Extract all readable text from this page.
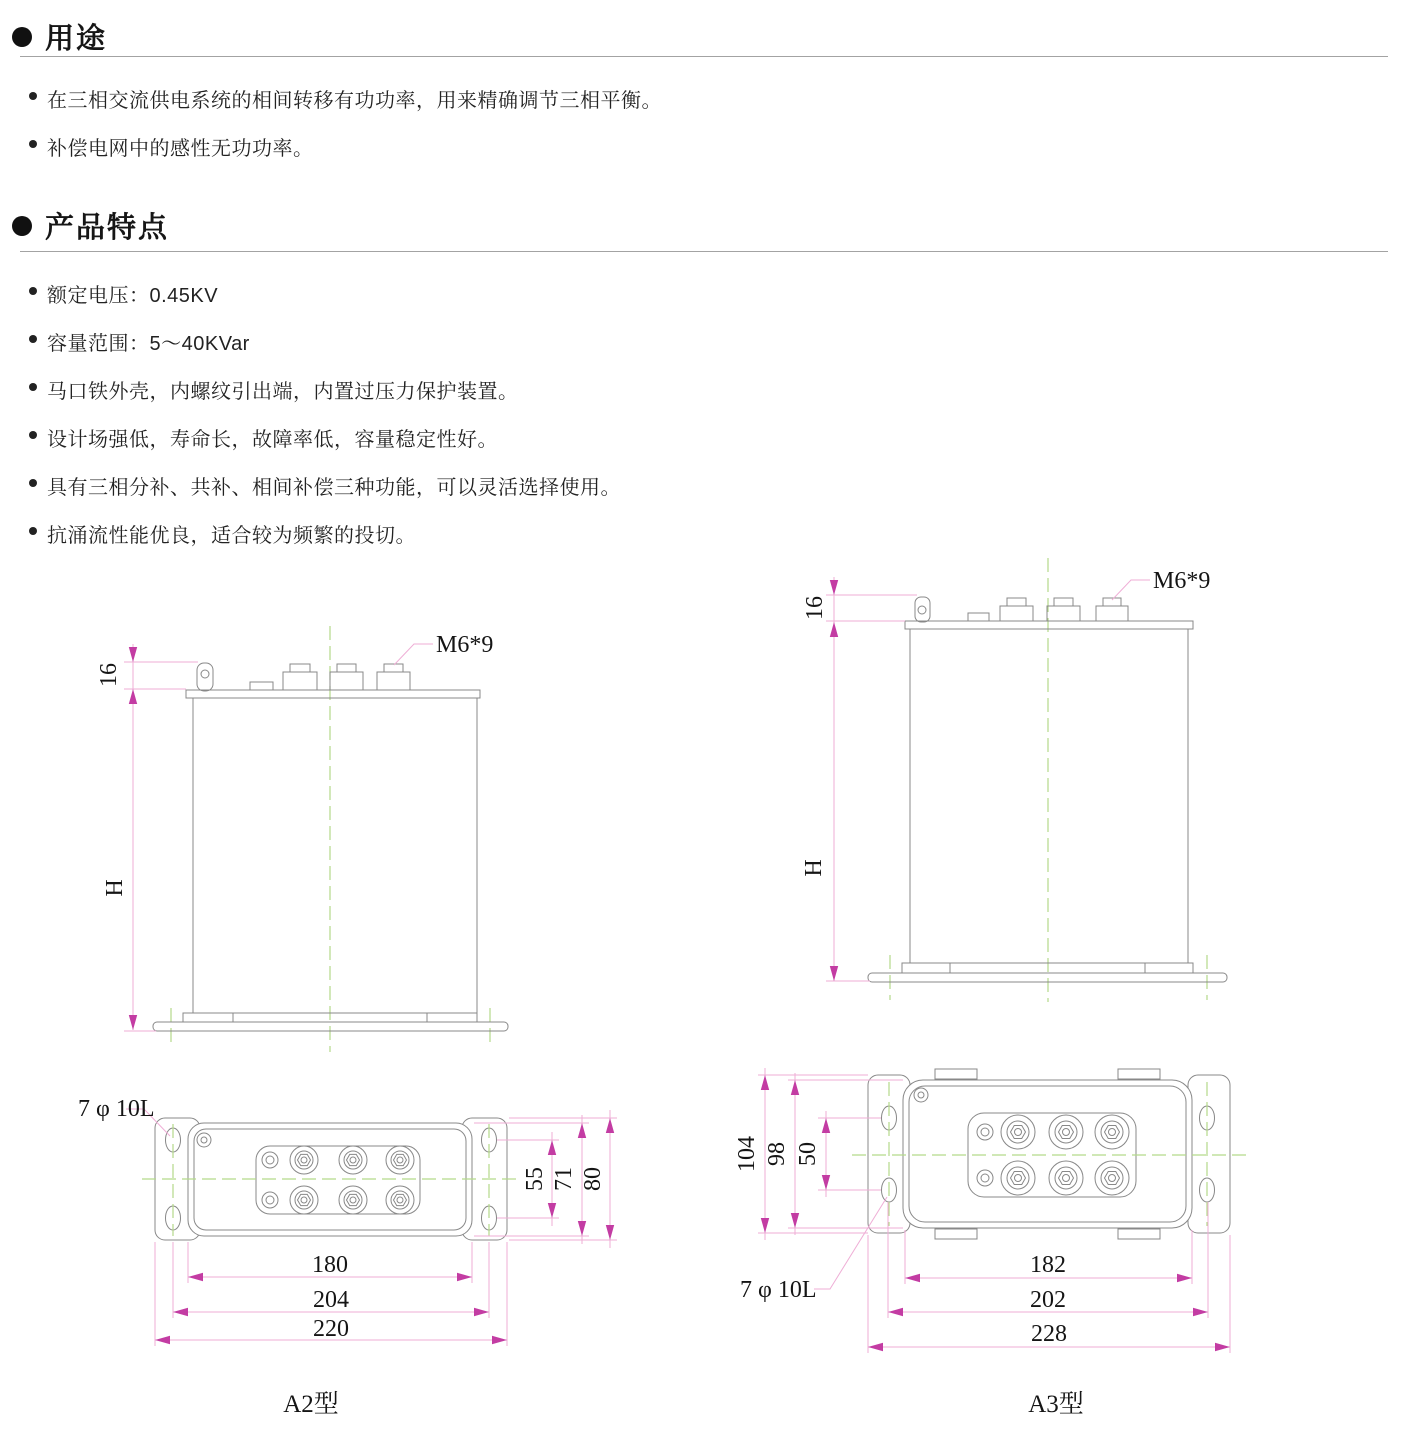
用途
在三相交流供电系统的相间转移有功功率，用来精确调节三相平衡。
补偿电网中的感性无功功率。
产品特点
额定电压：0.45KV
容量范围：5～40KVar
马口铁外壳，内螺纹引出端，内置过压力保护装置。
设计场强低，寿命长，故障率低，容量稳定性好。
具有三相分补、共补、相间补偿三种功能，可以灵活选择使用。
抗涌流性能优良，适合较为频繁的投切。
16
H
M6*9
7 φ 10L
180
204
220
55 71 80
16
H
M6*9
104 98 50
7 φ 10L
182
202
228
A2型	A3型
